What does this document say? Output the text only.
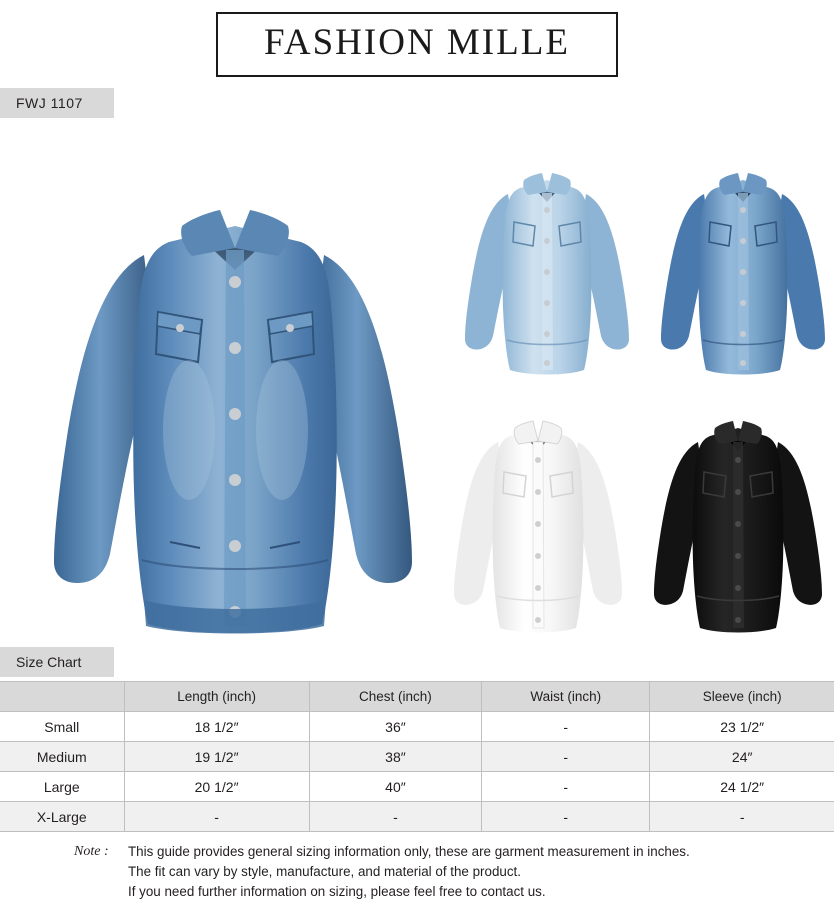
FASHION MILLE
FWJ 1107
Size Chart
	Length (inch)	Chest (inch)	Waist (inch)	Sleeve (inch)
Small	18 1/2″	36″	-	23 1/2″
Medium	19 1/2″	38″	-	24″
Large	20 1/2″	40″	-	24 1/2″
X-Large	-	-	-	-
Note : This guide provides general sizing information only, these are garment measurement in inches.
The fit can vary by style, manufacture, and material of the product.
If you need further information on sizing, please feel free to contact us.
